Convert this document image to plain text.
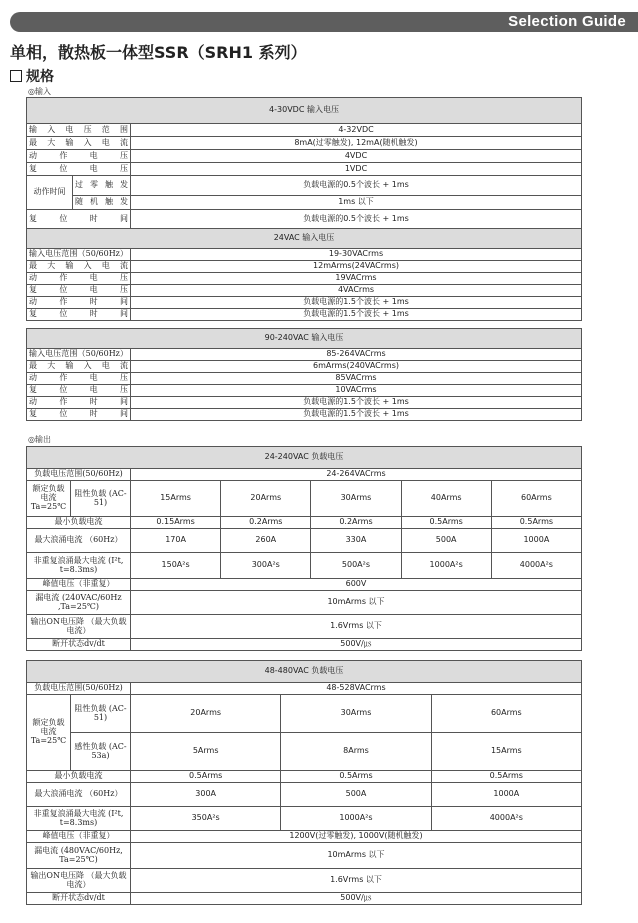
Selection Guide
单相，散热板一体型SSR（SRH1 系列）
规格
◎输入
4-30VDC 输入电压		
输入电压范围		4-32VDC
最大输入电流		8mA(过零触发), 12mA(随机触发)
动作电压		4VDC
复位电压		1VDC
动作时间	过零触发	负载电源的0.5个波长 + 1ms
	随机触发	1ms 以下
复位时间		负载电源的0.5个波长 + 1ms
24VAC 输入电压	
输入电压范围（50/60Hz）	19-30VACrms
最大输入电流	12mArms(24VACrms)
动作电压	19VACrms
复位电压	4VACrms
动作时间	负载电源的1.5个波长 + 1ms
复位时间	负载电源的1.5个波长 + 1ms
90-240VAC 输入电压	
输入电压范围（50/60Hz）	85-264VACrms
最大输入电流	6mArms(240VACrms)
动作电压	85VACrms
复位电压	10VACrms
动作时间	负载电源的1.5个波长 + 1ms
复位时间	负载电源的1.5个波长 + 1ms
◎输出
24-240VAC 负载电压						
负载电压范围(50/60Hz)		24-264VACrms				
额定负载电流 Ta=25℃	阻性负载 (AC-51)	15Arms	20Arms	30Arms	40Arms	60Arms
最小负载电流		0.15Arms	0.2Arms	0.2Arms	0.5Arms	0.5Arms
最大浪涌电流 （60Hz）		170A	260A	330A	500A	1000A
非重复浪涌最大电流 (I²t, t=8.3ms)		150A²s	300A²s	500A²s	1000A²s	4000A²s
峰值电压（非重复）		600V				
漏电流 (240VAC/60Hz ,Ta=25℃)		10mArms 以下				
输出ON电压降 （最大负载电流）		1.6Vrms 以下				
断开状态dv/dt		500V/㎲				
48-480VAC 负载电压				
负载电压范围(50/60Hz)		48-528VACrms		
额定负载电流 Ta=25℃	阻性负载 (AC-51)	20Arms	30Arms	60Arms
	感性负载 (AC-53a)	5Arms	8Arms	15Arms
最小负载电流		0.5Arms	0.5Arms	0.5Arms
最大浪涌电流 （60Hz）		300A	500A	1000A
非重复浪涌最大电流 (I²t, t=8.3ms)		350A²s	1000A²s	4000A²s
峰值电压（非重复）		1200V(过零触发), 1000V(随机触发)		
漏电流 (480VAC/60Hz, Ta=25℃)		10mArms 以下		
输出ON电压降 （最大负载电流）		1.6Vrms 以下		
断开状态dv/dt		500V/㎲		
